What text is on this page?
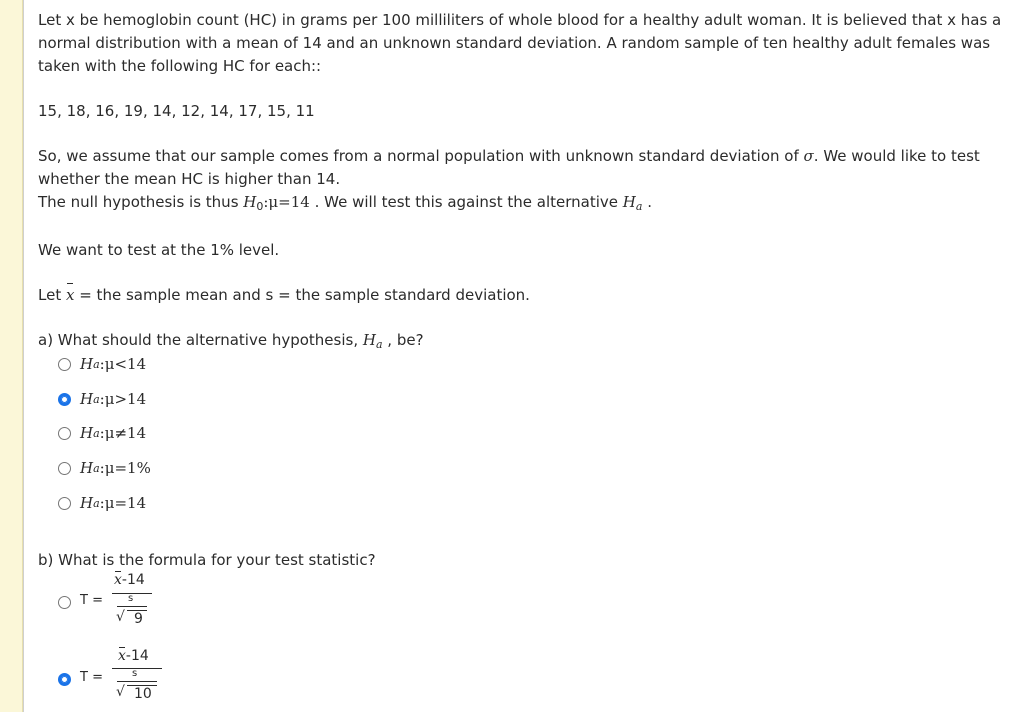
Let x be hemoglobin count (HC) in grams per 100 milliliters of whole blood for a healthy adult woman. It is believed that x has a
normal distribution with a mean of 14 and an unknown standard deviation. A random sample of ten healthy adult females was
taken with the following HC for each::
15, 18, 16, 19, 14, 12, 14, 17, 15, 11
So, we assume that our sample comes from a normal population with unknown standard deviation of σ. We would like to test
whether the mean HC is higher than 14.
The null hypothesis is thus $H_0:\mu=14$ . We will test this against the alternative $H_a$ .
We want to test at the 1% level.
Let x = the sample mean and s = the sample standard deviation.
a) What should the alternative hypothesis, $H_a$ , be?
H a :μ<14
H a :μ>14
H a :μ≠14
H a :μ=1%
H a :μ=14
b) What is the formula for your test statistic?
T =
x-14
s
√ 9
T =
x-14
s
√ 10
